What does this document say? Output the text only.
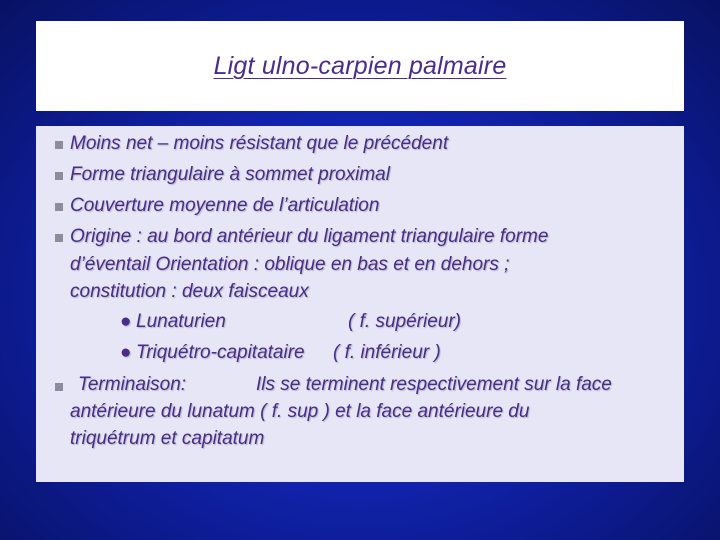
Ligt ulno-carpien palmaire
Moins net – moins résistant que le précédent
Forme triangulaire à sommet proximal
Couverture moyenne de l’articulation
Origine : au bord antérieur du ligament triangulaire forme
d’éventail Orientation : oblique en bas et en dehors ;
constitution : deux faisceaux
● Lunaturien	( f. supérieur)
● Triquétro-capitataire ( f. inférieur )
Terminaison:	Ils se terminent respectivement sur la face
antérieure du lunatum ( f. sup ) et la face antérieure du
triquétrum et capitatum
